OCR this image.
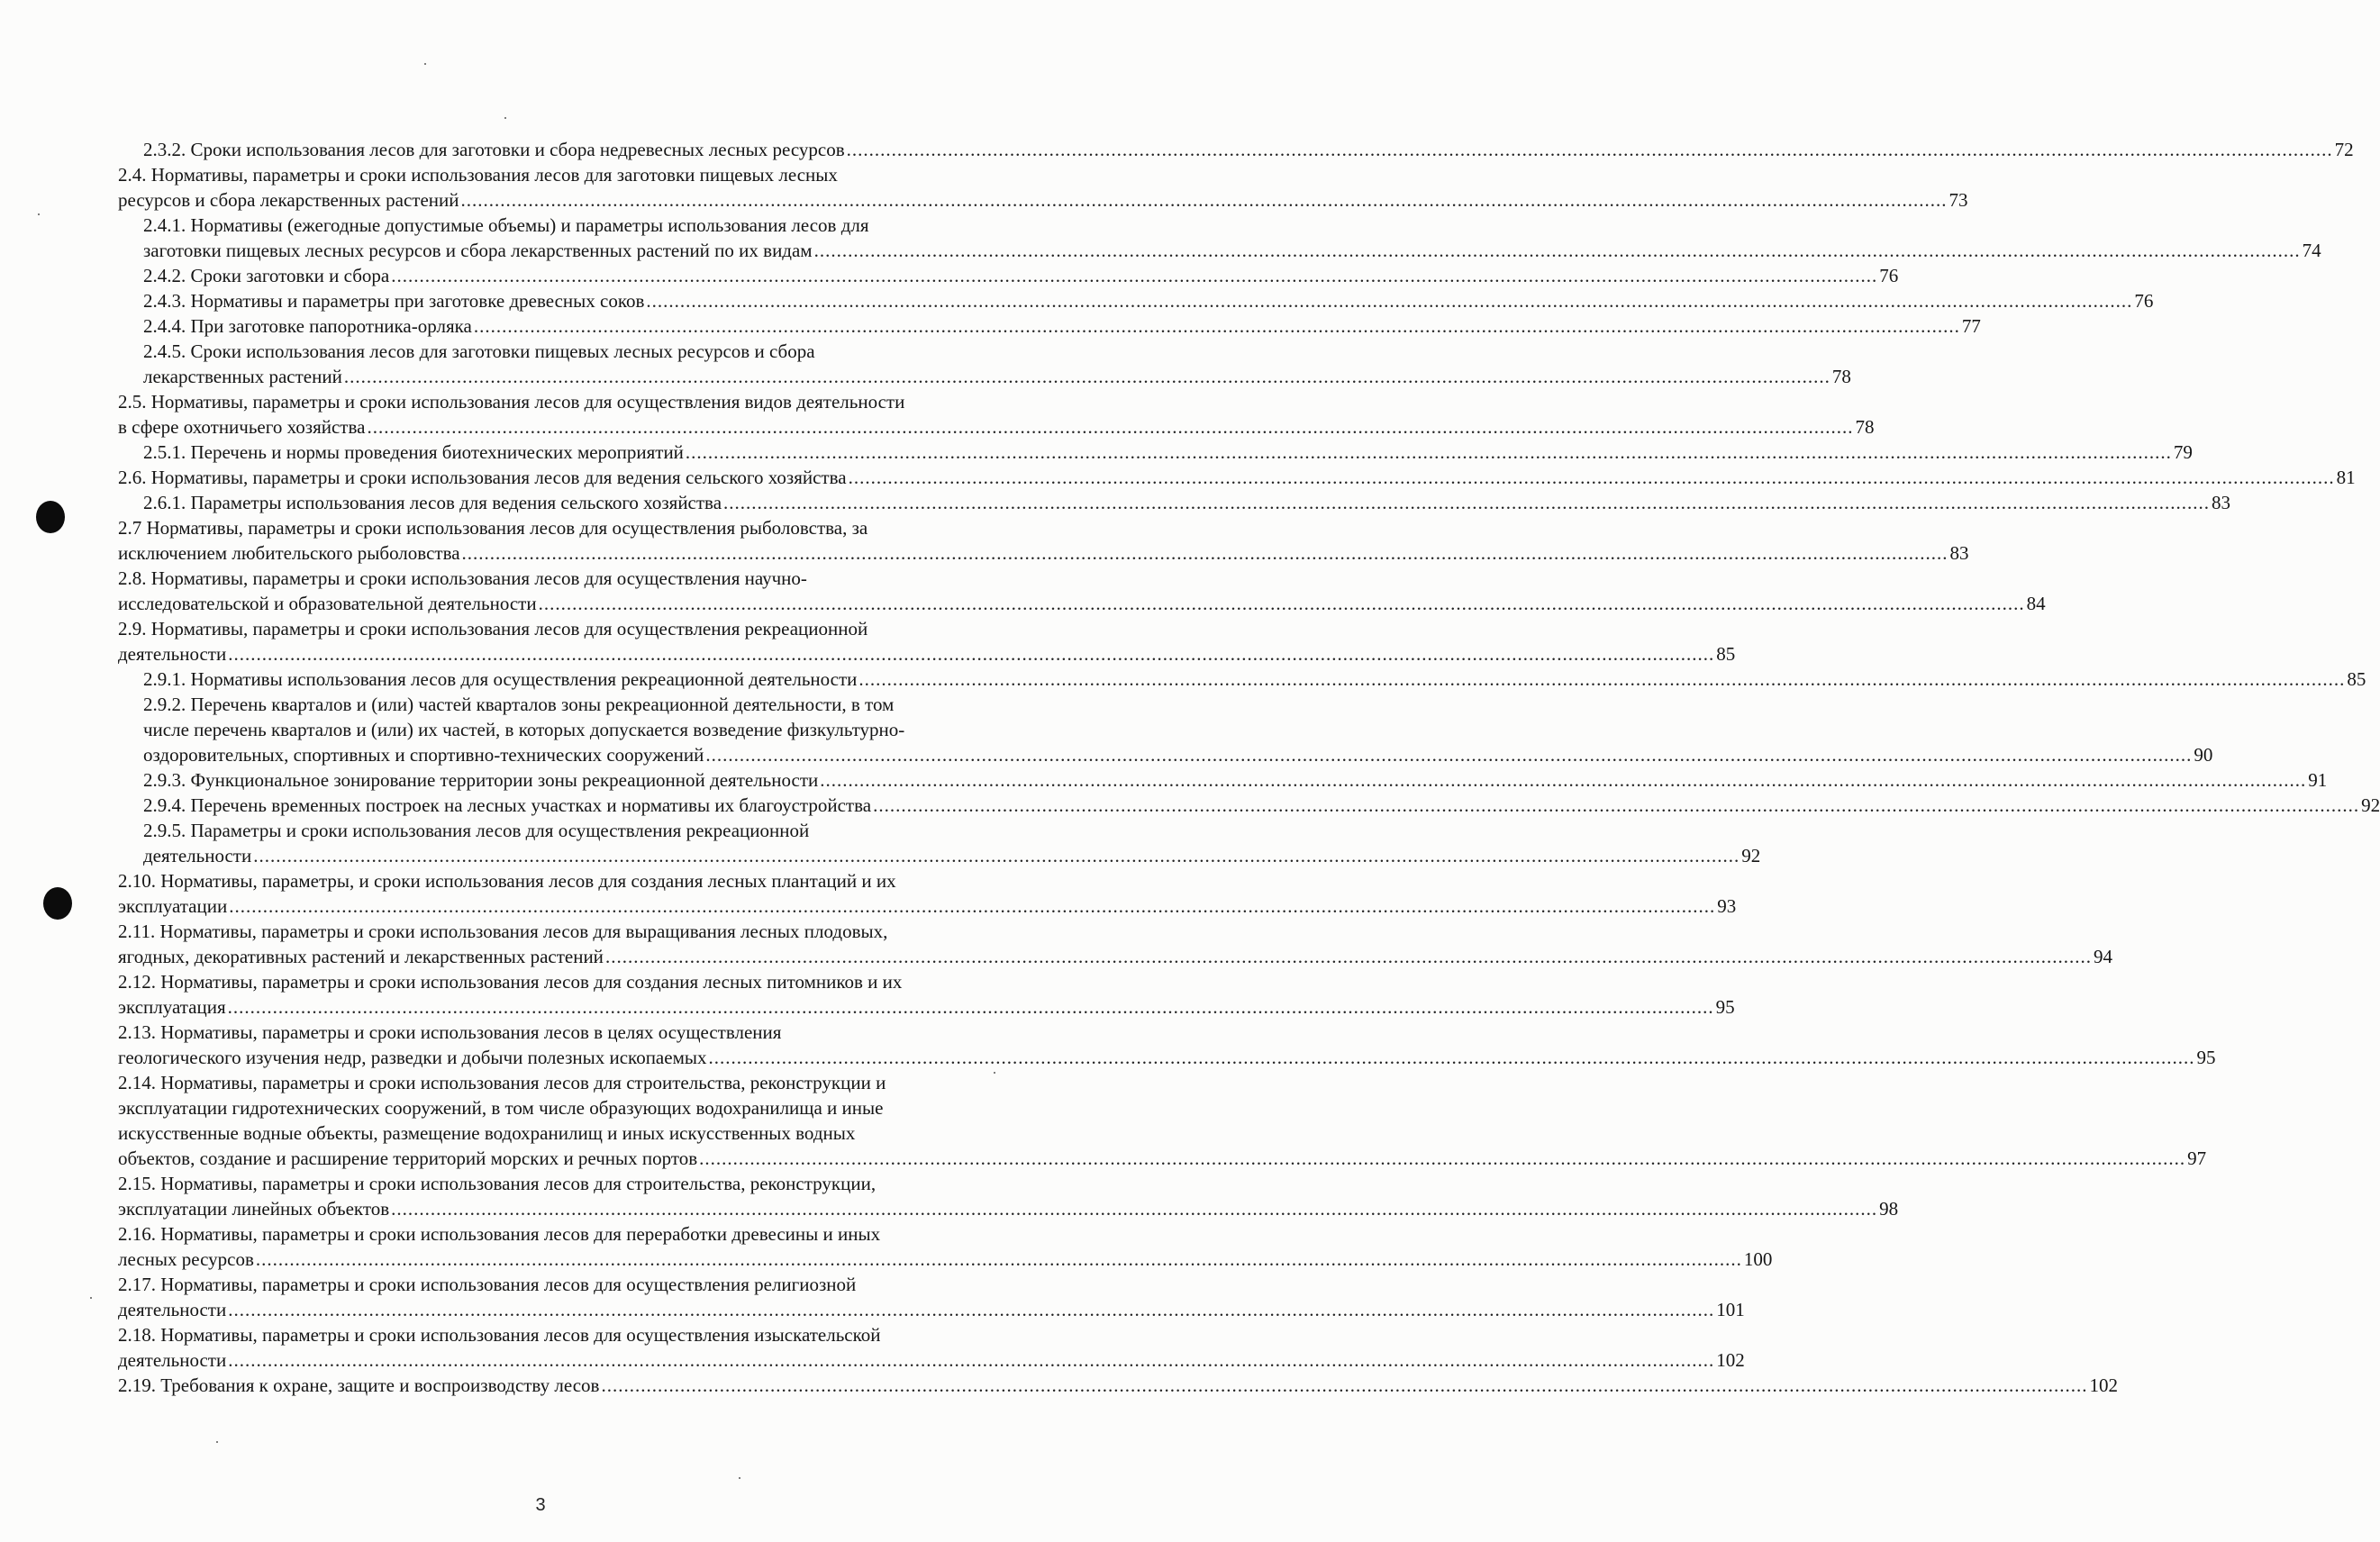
2.3.2. Сроки использования лесов для заготовки и сбора недревесных лесных ресурсов .....	72
2.4. Нормативы, параметры и сроки использования лесов для заготовки пищевых лесных
ресурсов и сбора лекарственных растений .....	73
2.4.1. Нормативы (ежегодные допустимые объемы) и параметры использования лесов для
заготовки пищевых лесных ресурсов и сбора лекарственных растений по их видам .....	74
2.4.2. Сроки заготовки и сбора .....	76
2.4.3. Нормативы и параметры при заготовке древесных соков .....	76
2.4.4. При заготовке папоротника-орляка .....	77
2.4.5. Сроки использования лесов для заготовки пищевых лесных ресурсов и сбора
лекарственных растений .....	78
2.5. Нормативы, параметры и сроки использования лесов для осуществления видов деятельности
в сфере охотничьего хозяйства .....	78
2.5.1. Перечень и нормы проведения биотехнических мероприятий .....	79
2.6. Нормативы, параметры и сроки использования лесов для ведения сельского хозяйства .....	81
2.6.1. Параметры использования лесов для ведения сельского хозяйства .....	83
2.7 Нормативы, параметры и сроки использования лесов для осуществления рыболовства, за
исключением любительского рыболовства .....	83
2.8. Нормативы, параметры и сроки использования лесов для осуществления научно-
исследовательской и образовательной деятельности .....	84
2.9. Нормативы, параметры и сроки использования лесов для осуществления рекреационной
деятельности .....	85
2.9.1. Нормативы использования лесов для осуществления рекреационной деятельности .....	85
2.9.2. Перечень кварталов и (или) частей кварталов зоны рекреационной деятельности, в том
числе перечень кварталов и (или) их частей, в которых допускается возведение физкультурно-
оздоровительных, спортивных и спортивно-технических сооружений .....	90
2.9.3. Функциональное зонирование территории зоны рекреационной деятельности .....	91
2.9.4. Перечень временных построек на лесных участках и нормативы их благоустройства .....	92
2.9.5. Параметры и сроки использования лесов для осуществления рекреационной
деятельности .....	92
2.10. Нормативы, параметры, и сроки использования лесов для создания лесных плантаций и их
эксплуатации .....	93
2.11. Нормативы, параметры и сроки использования лесов для выращивания лесных плодовых,
ягодных, декоративных растений и лекарственных растений .....	94
2.12. Нормативы, параметры и сроки использования лесов для создания лесных питомников и их
эксплуатация .....	95
2.13. Нормативы, параметры и сроки использования лесов в целях осуществления
геологического изучения недр, разведки и добычи полезных ископаемых .....	95
2.14. Нормативы, параметры и сроки использования лесов для строительства, реконструкции и
эксплуатации гидротехнических сооружений, в том числе образующих водохранилища и иные
искусственные водные объекты, размещение водохранилищ и иных искусственных водных
объектов, создание и расширение территорий морских и речных портов .....	97
2.15. Нормативы, параметры и сроки использования лесов для строительства, реконструкции,
эксплуатации линейных объектов .....	98
2.16. Нормативы, параметры и сроки использования лесов для переработки древесины и иных
лесных ресурсов .....	100
2.17. Нормативы, параметры и сроки использования лесов для осуществления религиозной
деятельности .....	101
2.18. Нормативы, параметры и сроки использования лесов для осуществления изыскательской
деятельности .....	102
2.19. Требования к охране, защите и воспроизводству лесов .....	102
3
